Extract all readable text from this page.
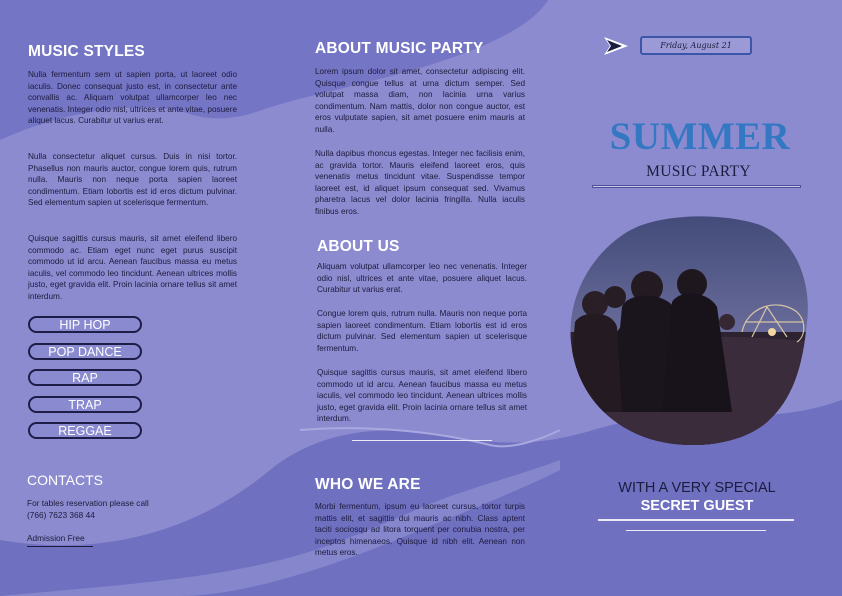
MUSIC STYLES

Nulla fermentum sem ut sapien porta, ut laoreet odio iaculis. Donec consequat justo est, in consectetur ante convallis ac. Aliquam volutpat ullamcorper leo nec venenatis. Integer odio nisl, ultrices et ante vitae, posuere aliquet lacus. Curabitur ut varius erat.

Nulla consectetur aliquet cursus. Duis in nisi tortor. Phasellus non mauris auctor, congue lorem quis, rutrum nulla. Mauris non neque porta sapien laoreet condimentum. Etiam lobortis est id eros dictum pulvinar. Sed elementum sapien ut scelerisque fermentum.

Quisque sagittis cursus mauris, sit amet eleifend libero commodo ac. Etiam eget nunc eget purus suscipit commodo ut id arcu. Aenean faucibus massa eu metus iaculis, vel commodo leo tincidunt. Aenean ultrices mollis justo, eget gravida elit. Proin lacinia ornare tellus sit amet interdum.

HIP HOP
POP DANCE
RAP
TRAP
REGGAE
CONTACTS

For tables reservation please call

(766) 7623 368 44

Admission Free

ABOUT MUSIC PARTY

Lorem ipsum dolor sit amet, consectetur adipiscing elit. Quisque congue tellus at urna dictum semper. Sed volutpat massa diam, non lacinia urna varius condimentum. Nam mattis, dolor non congue auctor, est eros vulputate sapien, sit amet posuere enim mauris at nulla.

Nulla dapibus rhoncus egestas. Integer nec facilisis enim, ac gravida tortor. Mauris eleifend laoreet eros, quis venenatis metus tincidunt vitae. Suspendisse tempor laoreet est, id aliquet ipsum consequat sed. Vivamus pharetra lacus vel dolor lacinia fringilla. Nulla iaculis finibus eros.

ABOUT US

Aliquam volutpat ullamcorper leo nec venenatis. Integer odio nisl, ultrices et ante vitae, posuere aliquet lacus. Curabitur ut varius erat.

Congue lorem quis, rutrum nulla. Mauris non neque porta sapien laoreet condimentum. Etiam lobortis est id eros dictum pulvinar. Sed elementum sapien ut scelerisque fermentum.

Quisque sagittis cursus mauris, sit amet eleifend libero commodo ut id arcu. Aenean faucibus massa eu metus iaculis, vel commodo leo tincidunt. Aenean ultrices mollis justo, eget gravida elit. Proin lacinia ornare tellus sit amet interdum.

WHO WE ARE

Morbi fermentum, ipsum eu laoreet cursus, tortor turpis mattis elit, et sagittis dui mauris ac nibh. Class aptent taciti sociosqu ad litora torquent per conubia nostra, per inceptos himenaeos. Quisque id nibh elit. Aenean non metus eros.

Friday, August 21
SUMMER
MUSIC PARTY
WITH A VERY SPECIAL
SECRET GUEST
